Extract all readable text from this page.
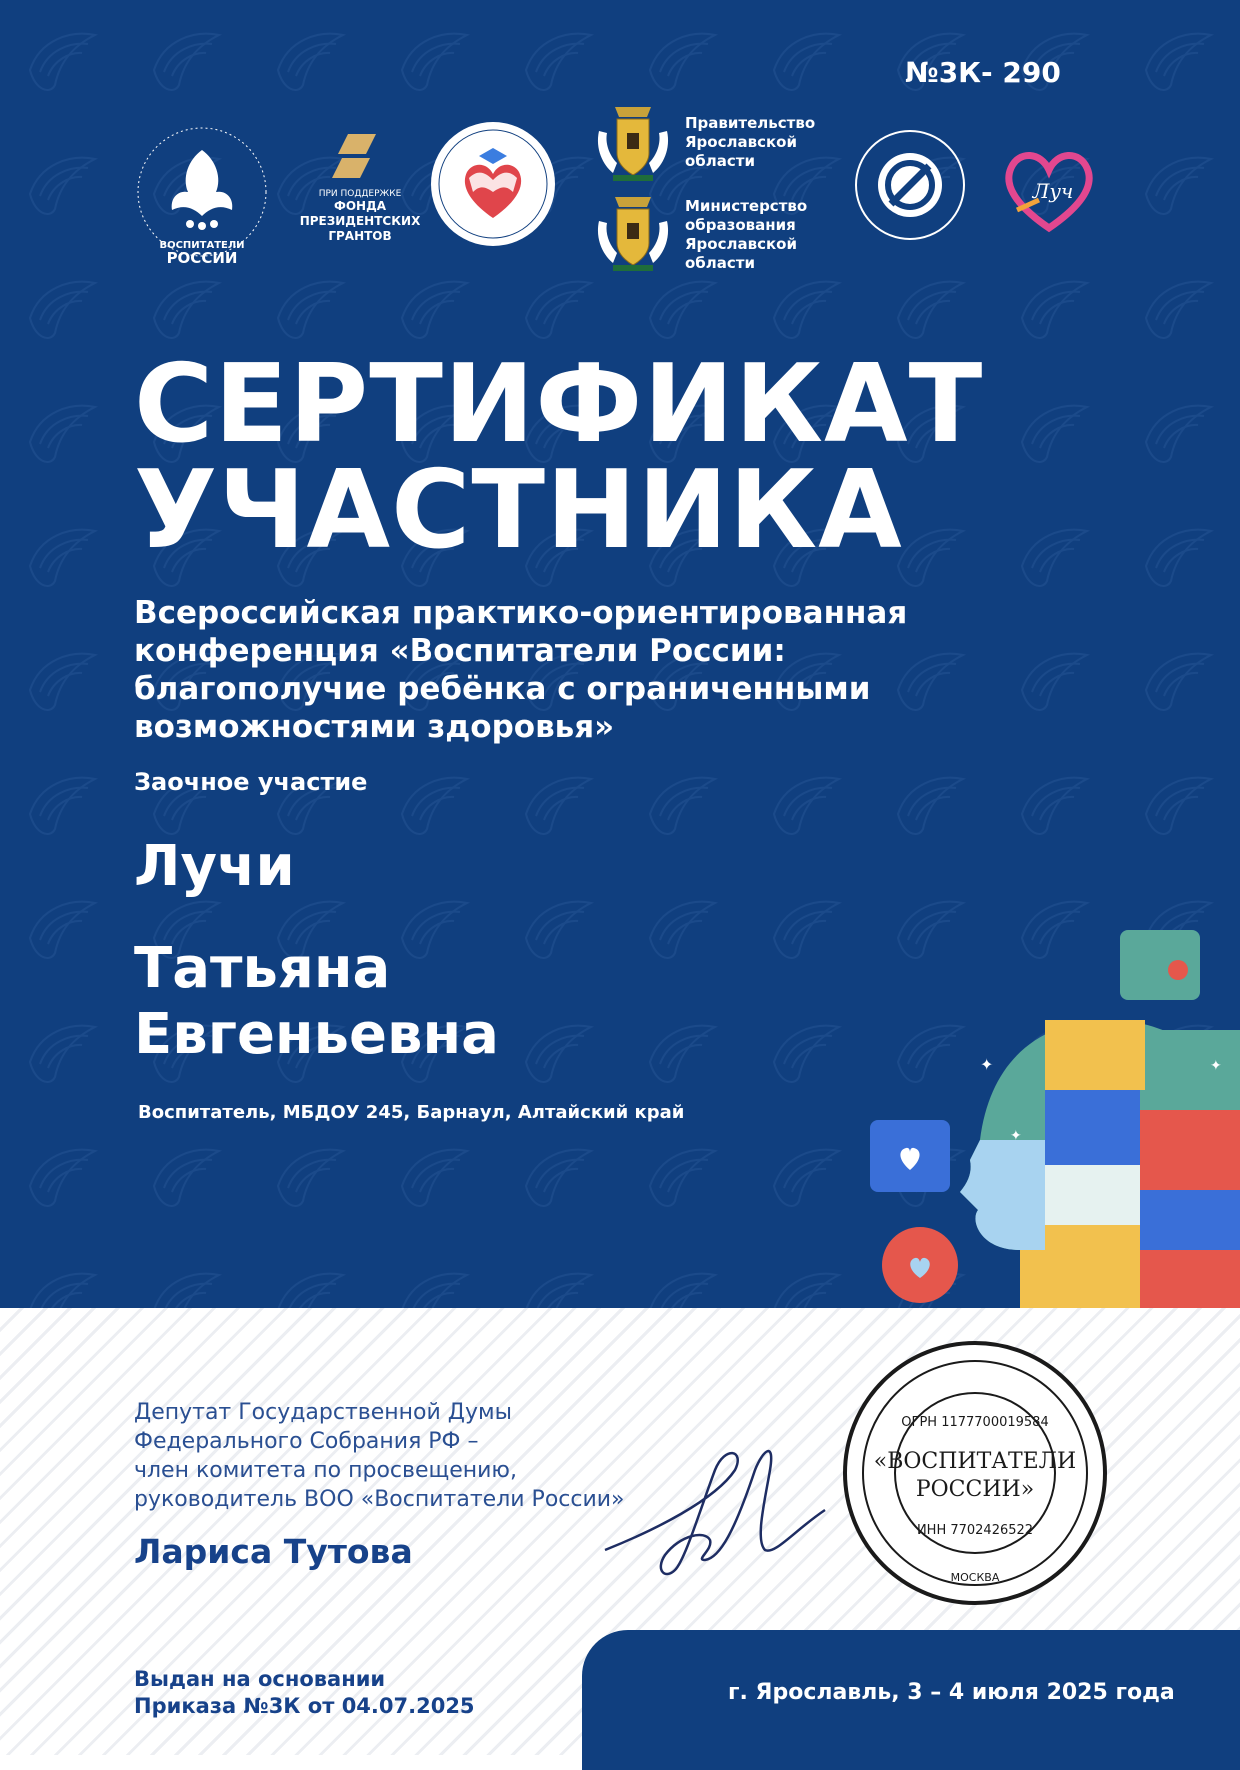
№3К- 290
ВОСПИТАТЕЛИ
РОССИИ
ПРИ ПОДДЕРЖКЕ
ФОНДА
ПРЕЗИДЕНТСКИХ
ГРАНТОВ
Правительство
Ярославской
области
Министерство
образования
Ярославской
области
Луч
СЕРТИФИКАТ
УЧАСТНИКА
Всероссийская практико-ориентированная
конференция «Воспитатели России:
благополучие ребёнка с ограниченными
возможностями здоровья»
Заочное участие
Лучи
Татьяна
Евгеньевна
Воспитатель, МБДОУ 245, Барнаул, Алтайский край
✦	✦
✦
Депутат Государственной Думы
Федерального Собрания РФ –
член комитета по просвещению,
руководитель ВОО «Воспитатели России»
Лариса Тутова
«ВОСПИТАТЕЛИ
РОССИИ»
ОГРН 1177700019584
ИНН 7702426522
МОСКВА
Выдан на основании
Приказа №3К от 04.07.2025
г. Ярославль, 3 – 4 июля 2025 года
